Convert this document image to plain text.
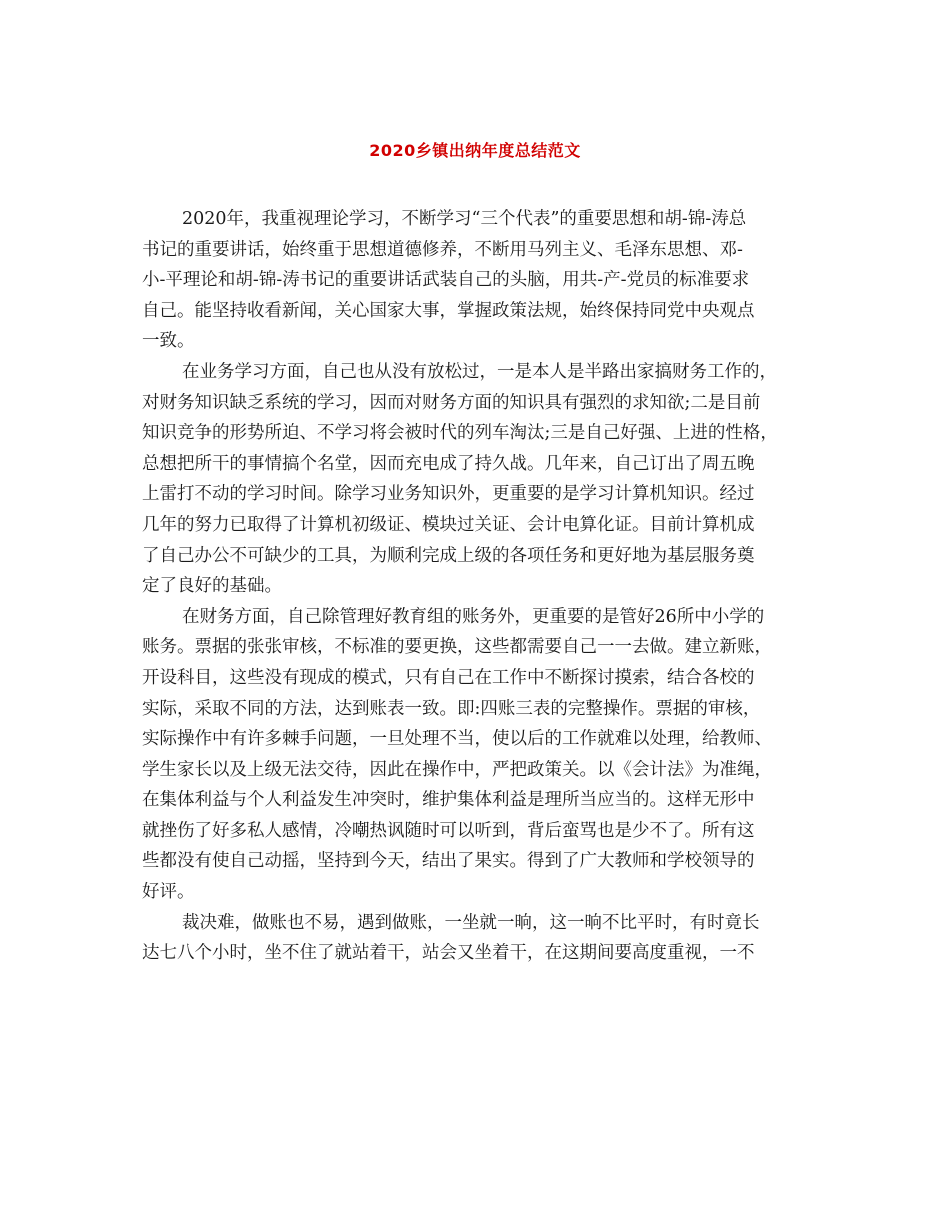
2020乡镇出纳年度总结范文
2020年，我重视理论学习，不断学习“三个代表”的重要思想和胡-锦-涛总
书记的重要讲话，始终重于思想道德修养，不断用马列主义、毛泽东思想、邓-
小-平理论和胡-锦-涛书记的重要讲话武装自己的头脑，用共-产-党员的标准要求
自己。能坚持收看新闻，关心国家大事，掌握政策法规，始终保持同党中央观点
一致。
在业务学习方面，自己也从没有放松过，一是本人是半路出家搞财务工作的，
对财务知识缺乏系统的学习，因而对财务方面的知识具有强烈的求知欲;二是目前
知识竞争的形势所迫、不学习将会被时代的列车淘汰;三是自己好强、上进的性格，
总想把所干的事情搞个名堂，因而充电成了持久战。几年来，自己订出了周五晚
上雷打不动的学习时间。除学习业务知识外，更重要的是学习计算机知识。经过
几年的努力已取得了计算机初级证、模块过关证、会计电算化证。目前计算机成
了自己办公不可缺少的工具，为顺利完成上级的各项任务和更好地为基层服务奠
定了良好的基础。
在财务方面，自己除管理好教育组的账务外，更重要的是管好26所中小学的
账务。票据的张张审核，不标准的要更换，这些都需要自己一一去做。建立新账，
开设科目，这些没有现成的模式，只有自己在工作中不断探讨摸索，结合各校的
实际，采取不同的方法，达到账表一致。即:四账三表的完整操作。票据的审核，
实际操作中有许多棘手问题，一旦处理不当，使以后的工作就难以处理，给教师、
学生家长以及上级无法交待，因此在操作中，严把政策关。以《会计法》为准绳，
在集体利益与个人利益发生冲突时，维护集体利益是理所当应当的。这样无形中
就挫伤了好多私人感情，冷嘲热讽随时可以听到，背后蛮骂也是少不了。所有这
些都没有使自己动摇，坚持到今天，结出了果实。得到了广大教师和学校领导的
好评。
裁决难，做账也不易，遇到做账，一坐就一晌，这一晌不比平时，有时竟长
达七八个小时，坐不住了就站着干，站会又坐着干，在这期间要高度重视，一不
